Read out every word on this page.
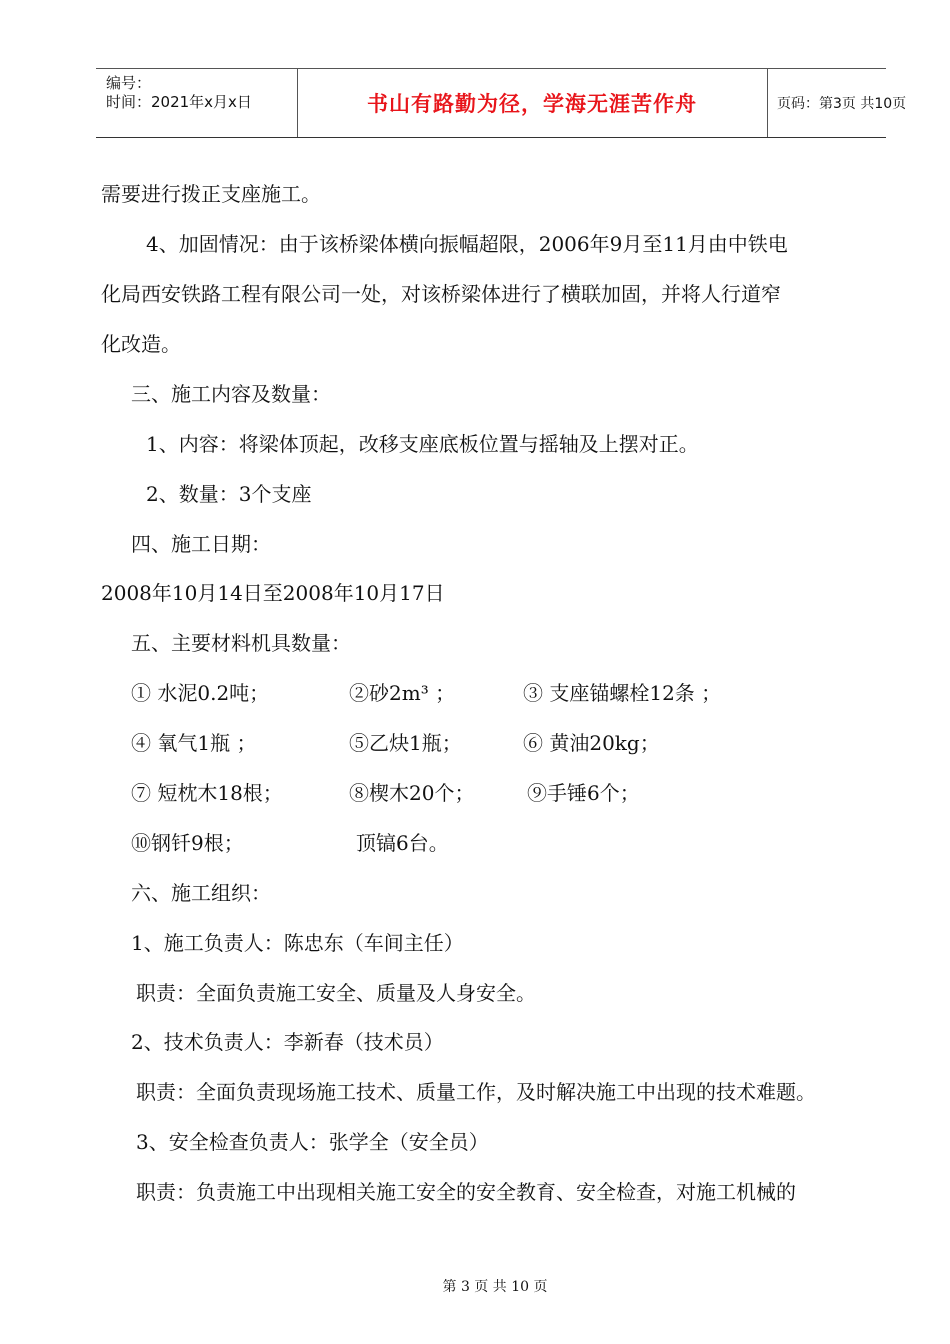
编号：
时间：2021年x月x日	书山有路勤为径，学海无涯苦作舟	页码：第3页 共10页
需要进行拨正支座施工。
4、加固情况：由于该桥梁体横向振幅超限，2006年9月至11月由中铁电
化局西安铁路工程有限公司一处，对该桥梁体进行了横联加固，并将人行道窄
化改造。
三、施工内容及数量：
1、内容：将梁体顶起，改移支座底板位置与摇轴及上摆对正。
2、数量：3个支座
四、施工日期：
2008年10月14日至2008年10月17日
五、主要材料机具数量：
① 水泥0.2吨；	②砂2m³ ；	③ 支座锚螺栓12条 ；
④ 氧气1瓶 ；	⑤乙炔1瓶；	⑥ 黄油20kg；
⑦ 短枕木18根；	⑧楔木20个；	⑨手锤6个；
⑩钢钎9根；	顶镐6台。
六、施工组织：
1、施工负责人：陈忠东（车间主任）
职责：全面负责施工安全、质量及人身安全。
2、技术负责人：李新春（技术员）
职责：全面负责现场施工技术、质量工作，及时解决施工中出现的技术难题。
3、安全检查负责人：张学全（安全员）
职责：负责施工中出现相关施工安全的安全教育、安全检查，对施工机械的
第 3 页 共 10 页
